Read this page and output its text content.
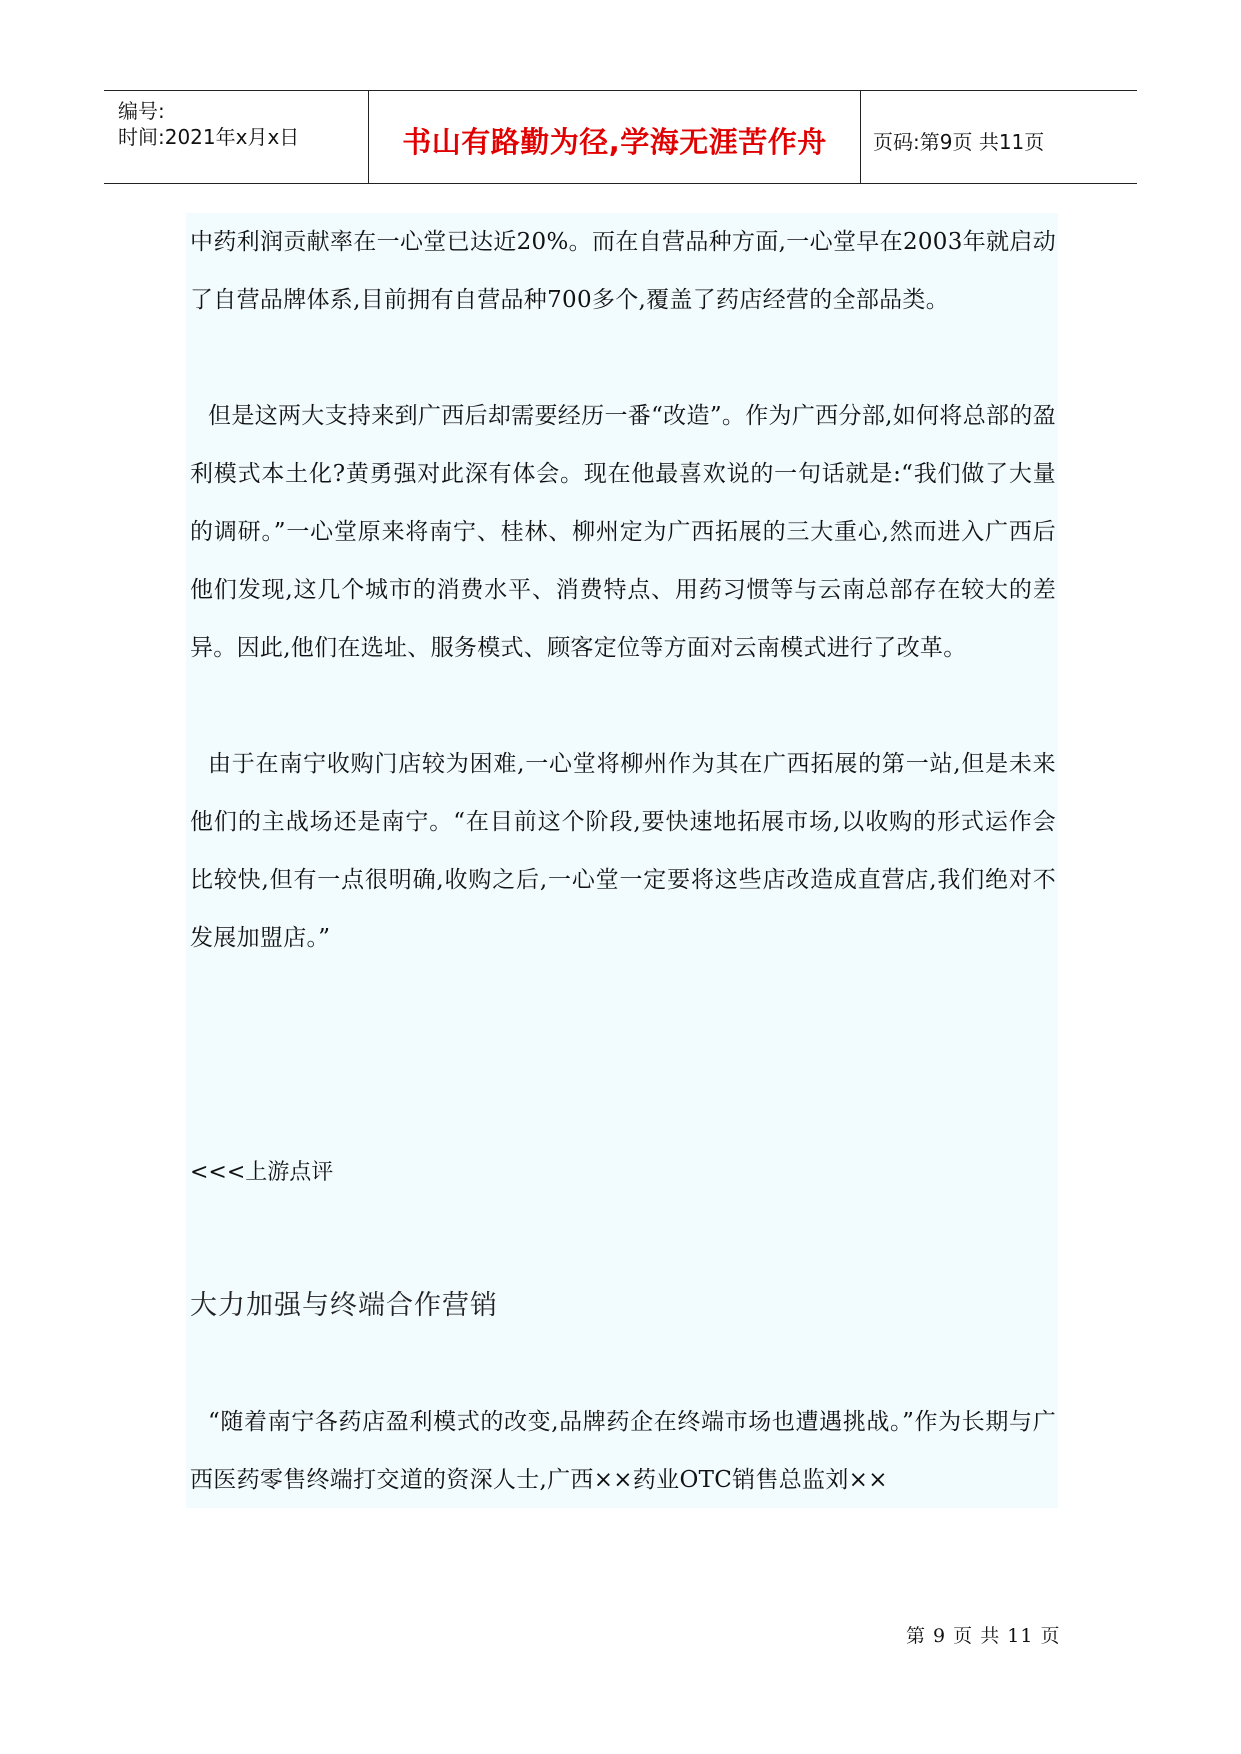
编号:
时间:2021年x月x日	书山有路勤为径,学海无涯苦作舟 页码:第9页 共11页

中药利润贡献率在一心堂已达近20%。而在自营品种方面,一心堂早在2003年就启动了自营品牌体系,目前拥有自营品种700多个,覆盖了药店经营的全部品类。

但是这两大支持来到广西后却需要经历一番“改造”。作为广西分部,如何将总部的盈利模式本土化?黄勇强对此深有体会。现在他最喜欢说的一句话就是:“我们做了大量的调研。”一心堂原来将南宁、桂林、柳州定为广西拓展的三大重心,然而进入广西后他们发现,这几个城市的消费水平、消费特点、用药习惯等与云南总部存在较大的差异。因此,他们在选址、服务模式、顾客定位等方面对云南模式进行了改革。

由于在南宁收购门店较为困难,一心堂将柳州作为其在广西拓展的第一站,但是未来他们的主战场还是南宁。“在目前这个阶段,要快速地拓展市场,以收购的形式运作会比较快,但有一点很明确,收购之后,一心堂一定要将这些店改造成直营店,我们绝对不发展加盟店。”

<<<上游点评
大力加强与终端合作营销

“随着南宁各药店盈利模式的改变,品牌药企在终端市场也遭遇挑战。”作为长期与广西医药零售终端打交道的资深人士,广西××药业OTC销售总监刘××

第 9 页 共 11 页
